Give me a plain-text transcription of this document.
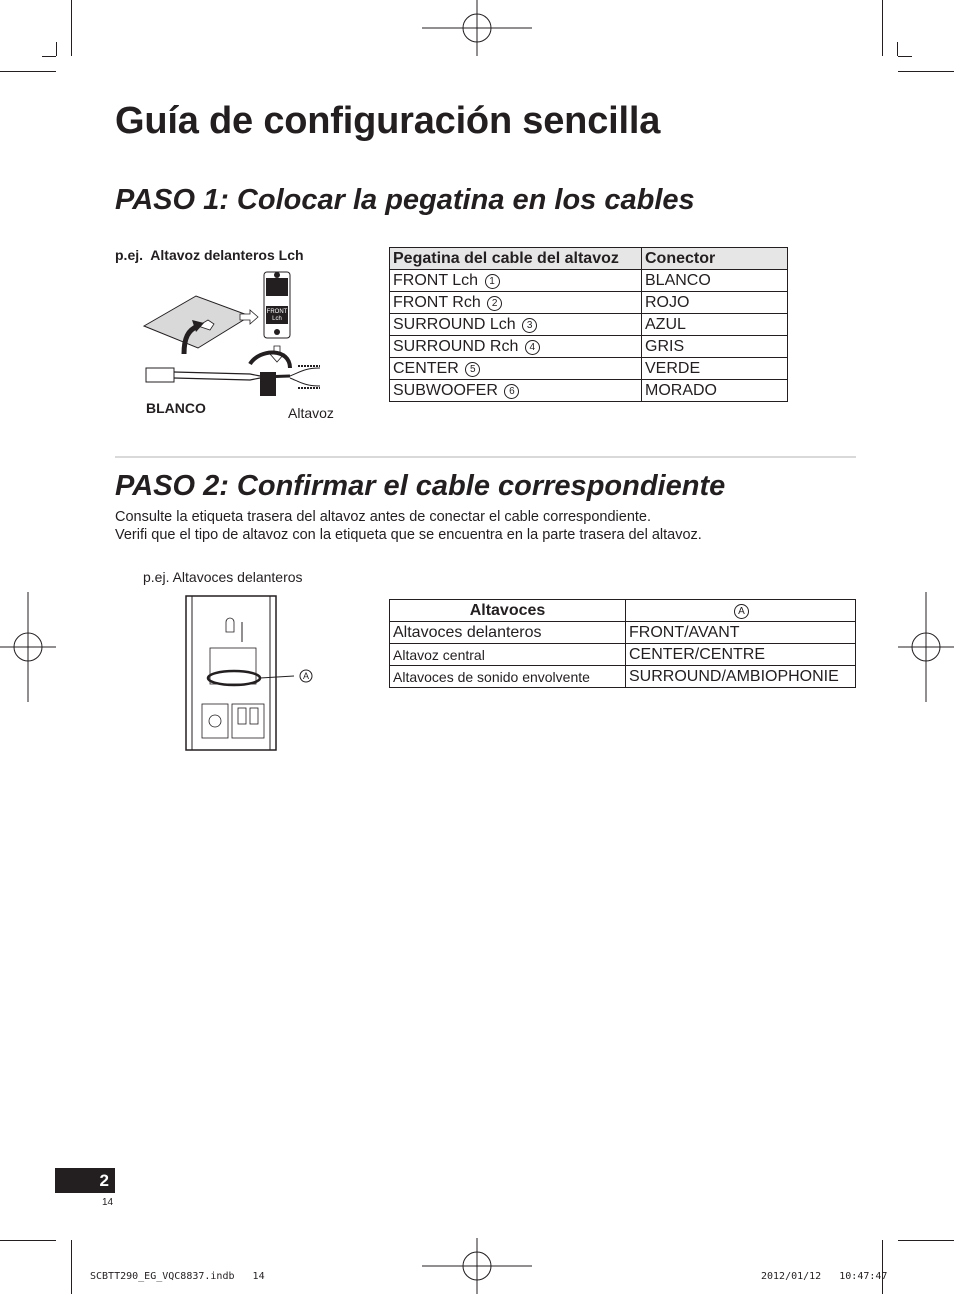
Guía de configuración sencilla
PASO 1: Colocar la pegatina en los cables
p.ej. Altavoz delanteros Lch
FRONT
Lch
BLANCO	Altavoz
Pegatina del cable del altavoz	Conector
FRONT Lch 1	BLANCO
FRONT Rch 2	ROJO
SURROUND Lch 3	AZUL
SURROUND Rch 4	GRIS
CENTER 5	VERDE
SUBWOOFER 6	MORADO
PASO 2: Confirmar el cable correspondiente
Consulte la etiqueta trasera del altavoz antes de conectar el cable correspondiente.
Verifi que el tipo de altavoz con la etiqueta que se encuentra en la parte trasera del altavoz.
p.ej. Altavoces delanteros
A
Altavoces	A
Altavoces delanteros	FRONT/AVANT
Altavoz central	CENTER/CENTRE
Altavoces de sonido envolvente	SURROUND/AMBIOPHONIE
2
14
SCBTT290_EG_VQC8837.indb   14	2012/01/12   10:47:47
